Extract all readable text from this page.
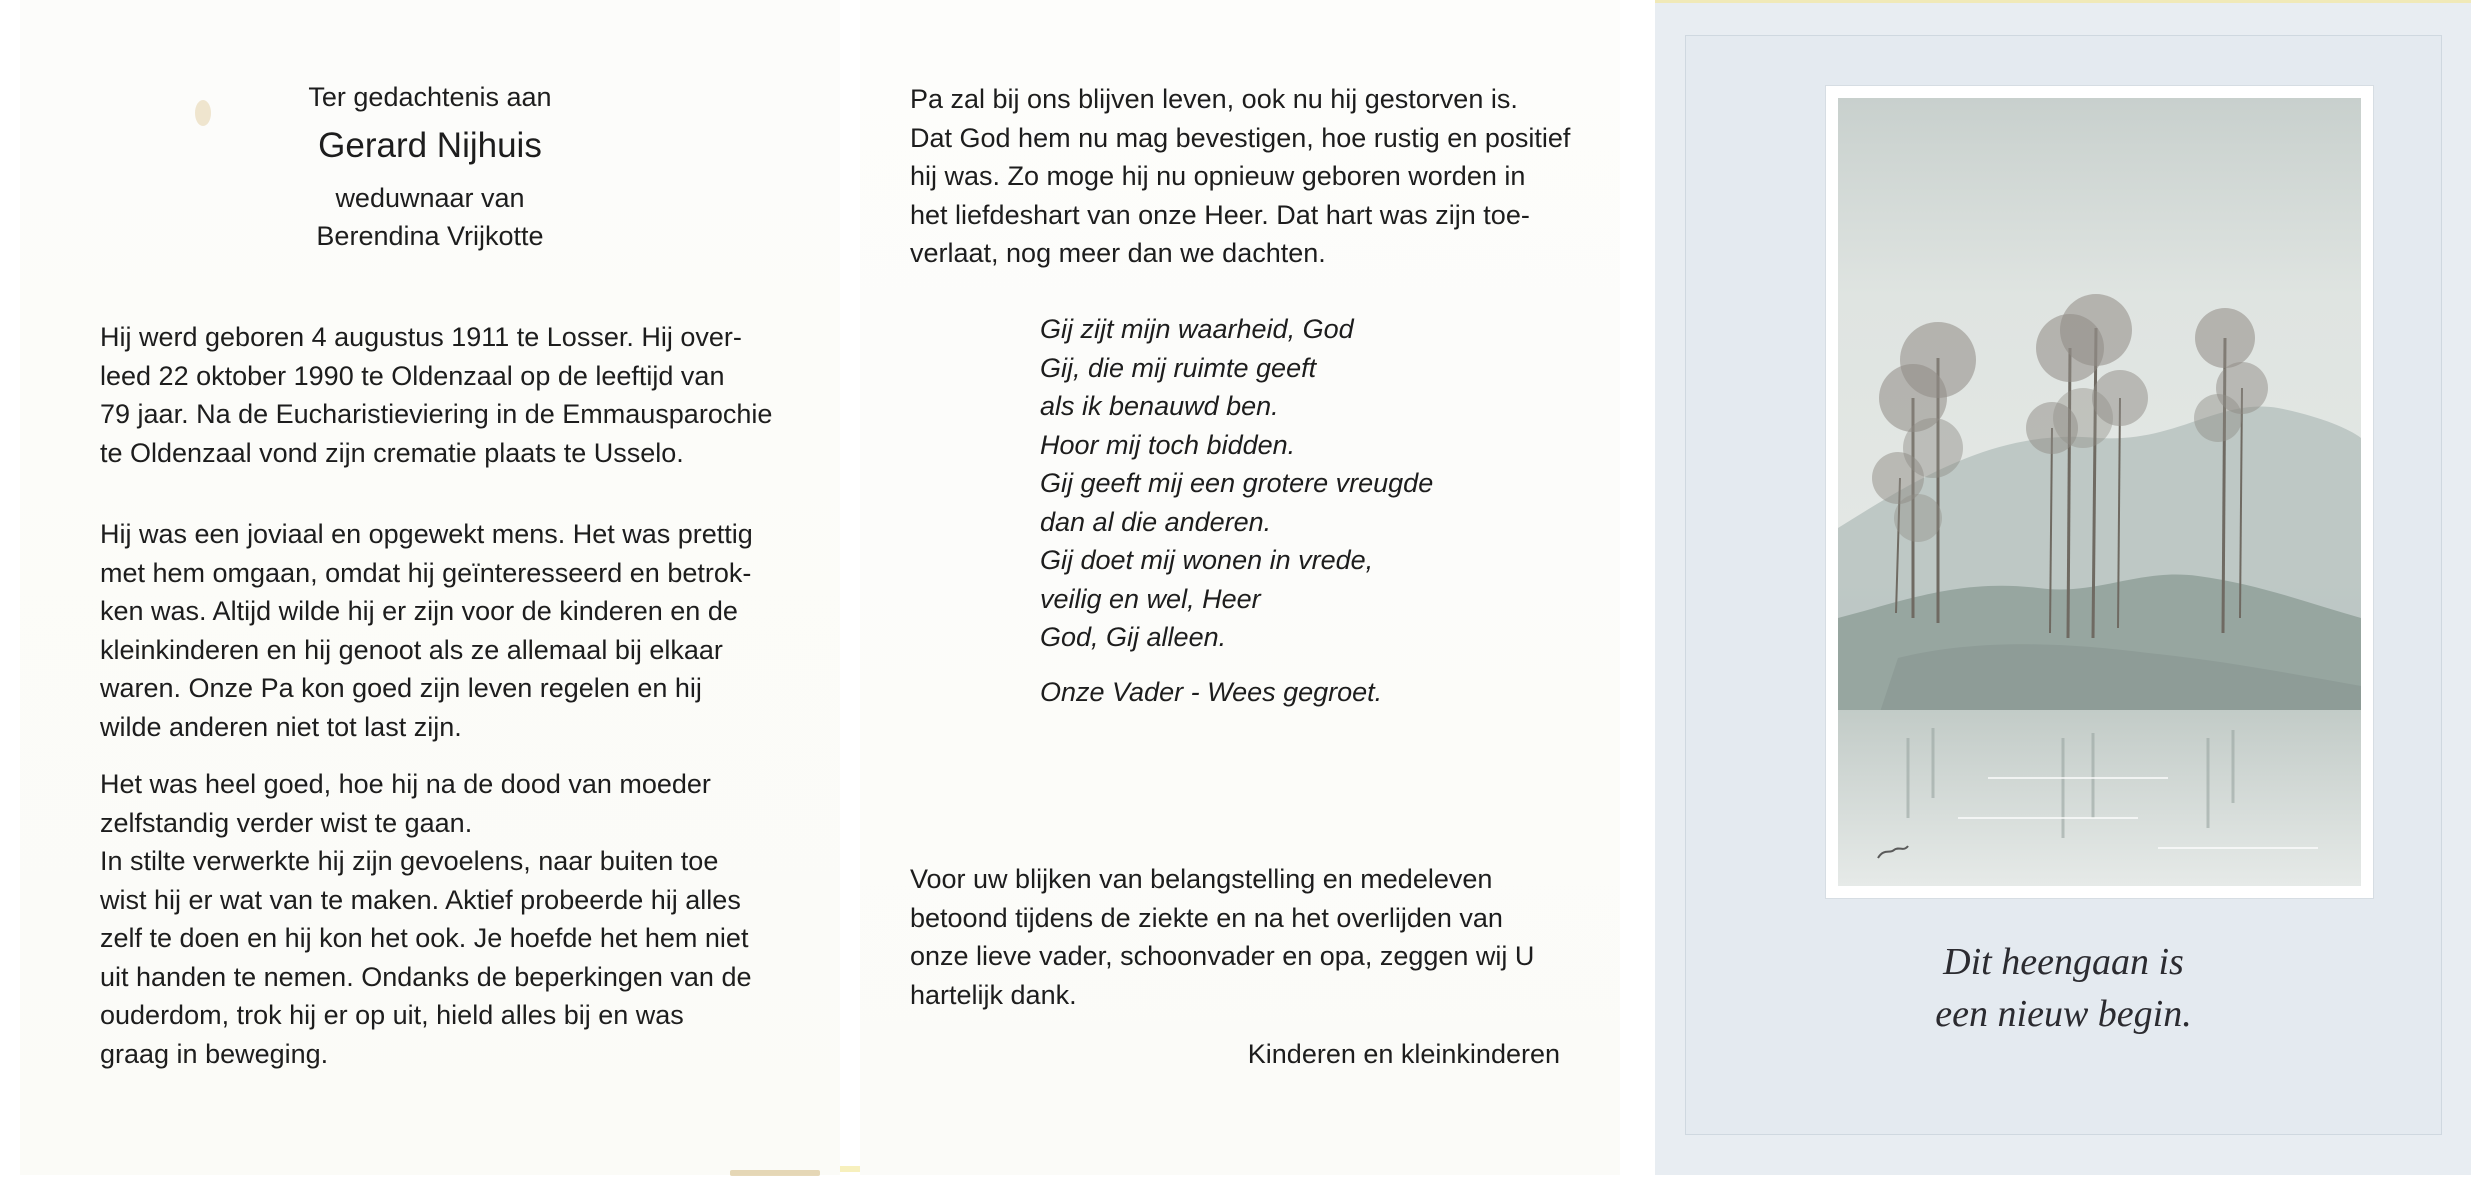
Ter gedachtenis aan
Gerard Nijhuis
weduwnaar van
Berendina Vrijkotte
Hij werd geboren 4 augustus 1911 te Losser. Hij over-
leed 22 oktober 1990 te Oldenzaal op de leeftijd van
79 jaar. Na de Eucharistieviering in de Emmausparochie
te Oldenzaal vond zijn crematie plaats te Usselo.
Hij was een joviaal en opgewekt mens. Het was prettig
met hem omgaan, omdat hij geïnteresseerd en betrok-
ken was. Altijd wilde hij er zijn voor de kinderen en de
kleinkinderen en hij genoot als ze allemaal bij elkaar
waren. Onze Pa kon goed zijn leven regelen en hij
wilde anderen niet tot last zijn.
Het was heel goed, hoe hij na de dood van moeder
zelfstandig verder wist te gaan.
In stilte verwerkte hij zijn gevoelens, naar buiten toe
wist hij er wat van te maken. Aktief probeerde hij alles
zelf te doen en hij kon het ook. Je hoefde het hem niet
uit handen te nemen. Ondanks de beperkingen van de
ouderdom, trok hij er op uit, hield alles bij en was
graag in beweging.
Pa zal bij ons blijven leven, ook nu hij gestorven is.
Dat God hem nu mag bevestigen, hoe rustig en positief
hij was. Zo moge hij nu opnieuw geboren worden in
het liefdeshart van onze Heer. Dat hart was zijn toe-
verlaat, nog meer dan we dachten.
Gij zijt mijn waarheid, God
Gij, die mij ruimte geeft
als ik benauwd ben.
Hoor mij toch bidden.
Gij geeft mij een grotere vreugde
dan al die anderen.
Gij doet mij wonen in vrede,
veilig en wel, Heer
God, Gij alleen.
Onze Vader - Wees gegroet.
Voor uw blijken van belangstelling en medeleven
betoond tijdens de ziekte en na het overlijden van
onze lieve vader, schoonvader en opa, zeggen wij U
hartelijk dank.
Kinderen en kleinkinderen
Dit heengaan is
een nieuw begin.
